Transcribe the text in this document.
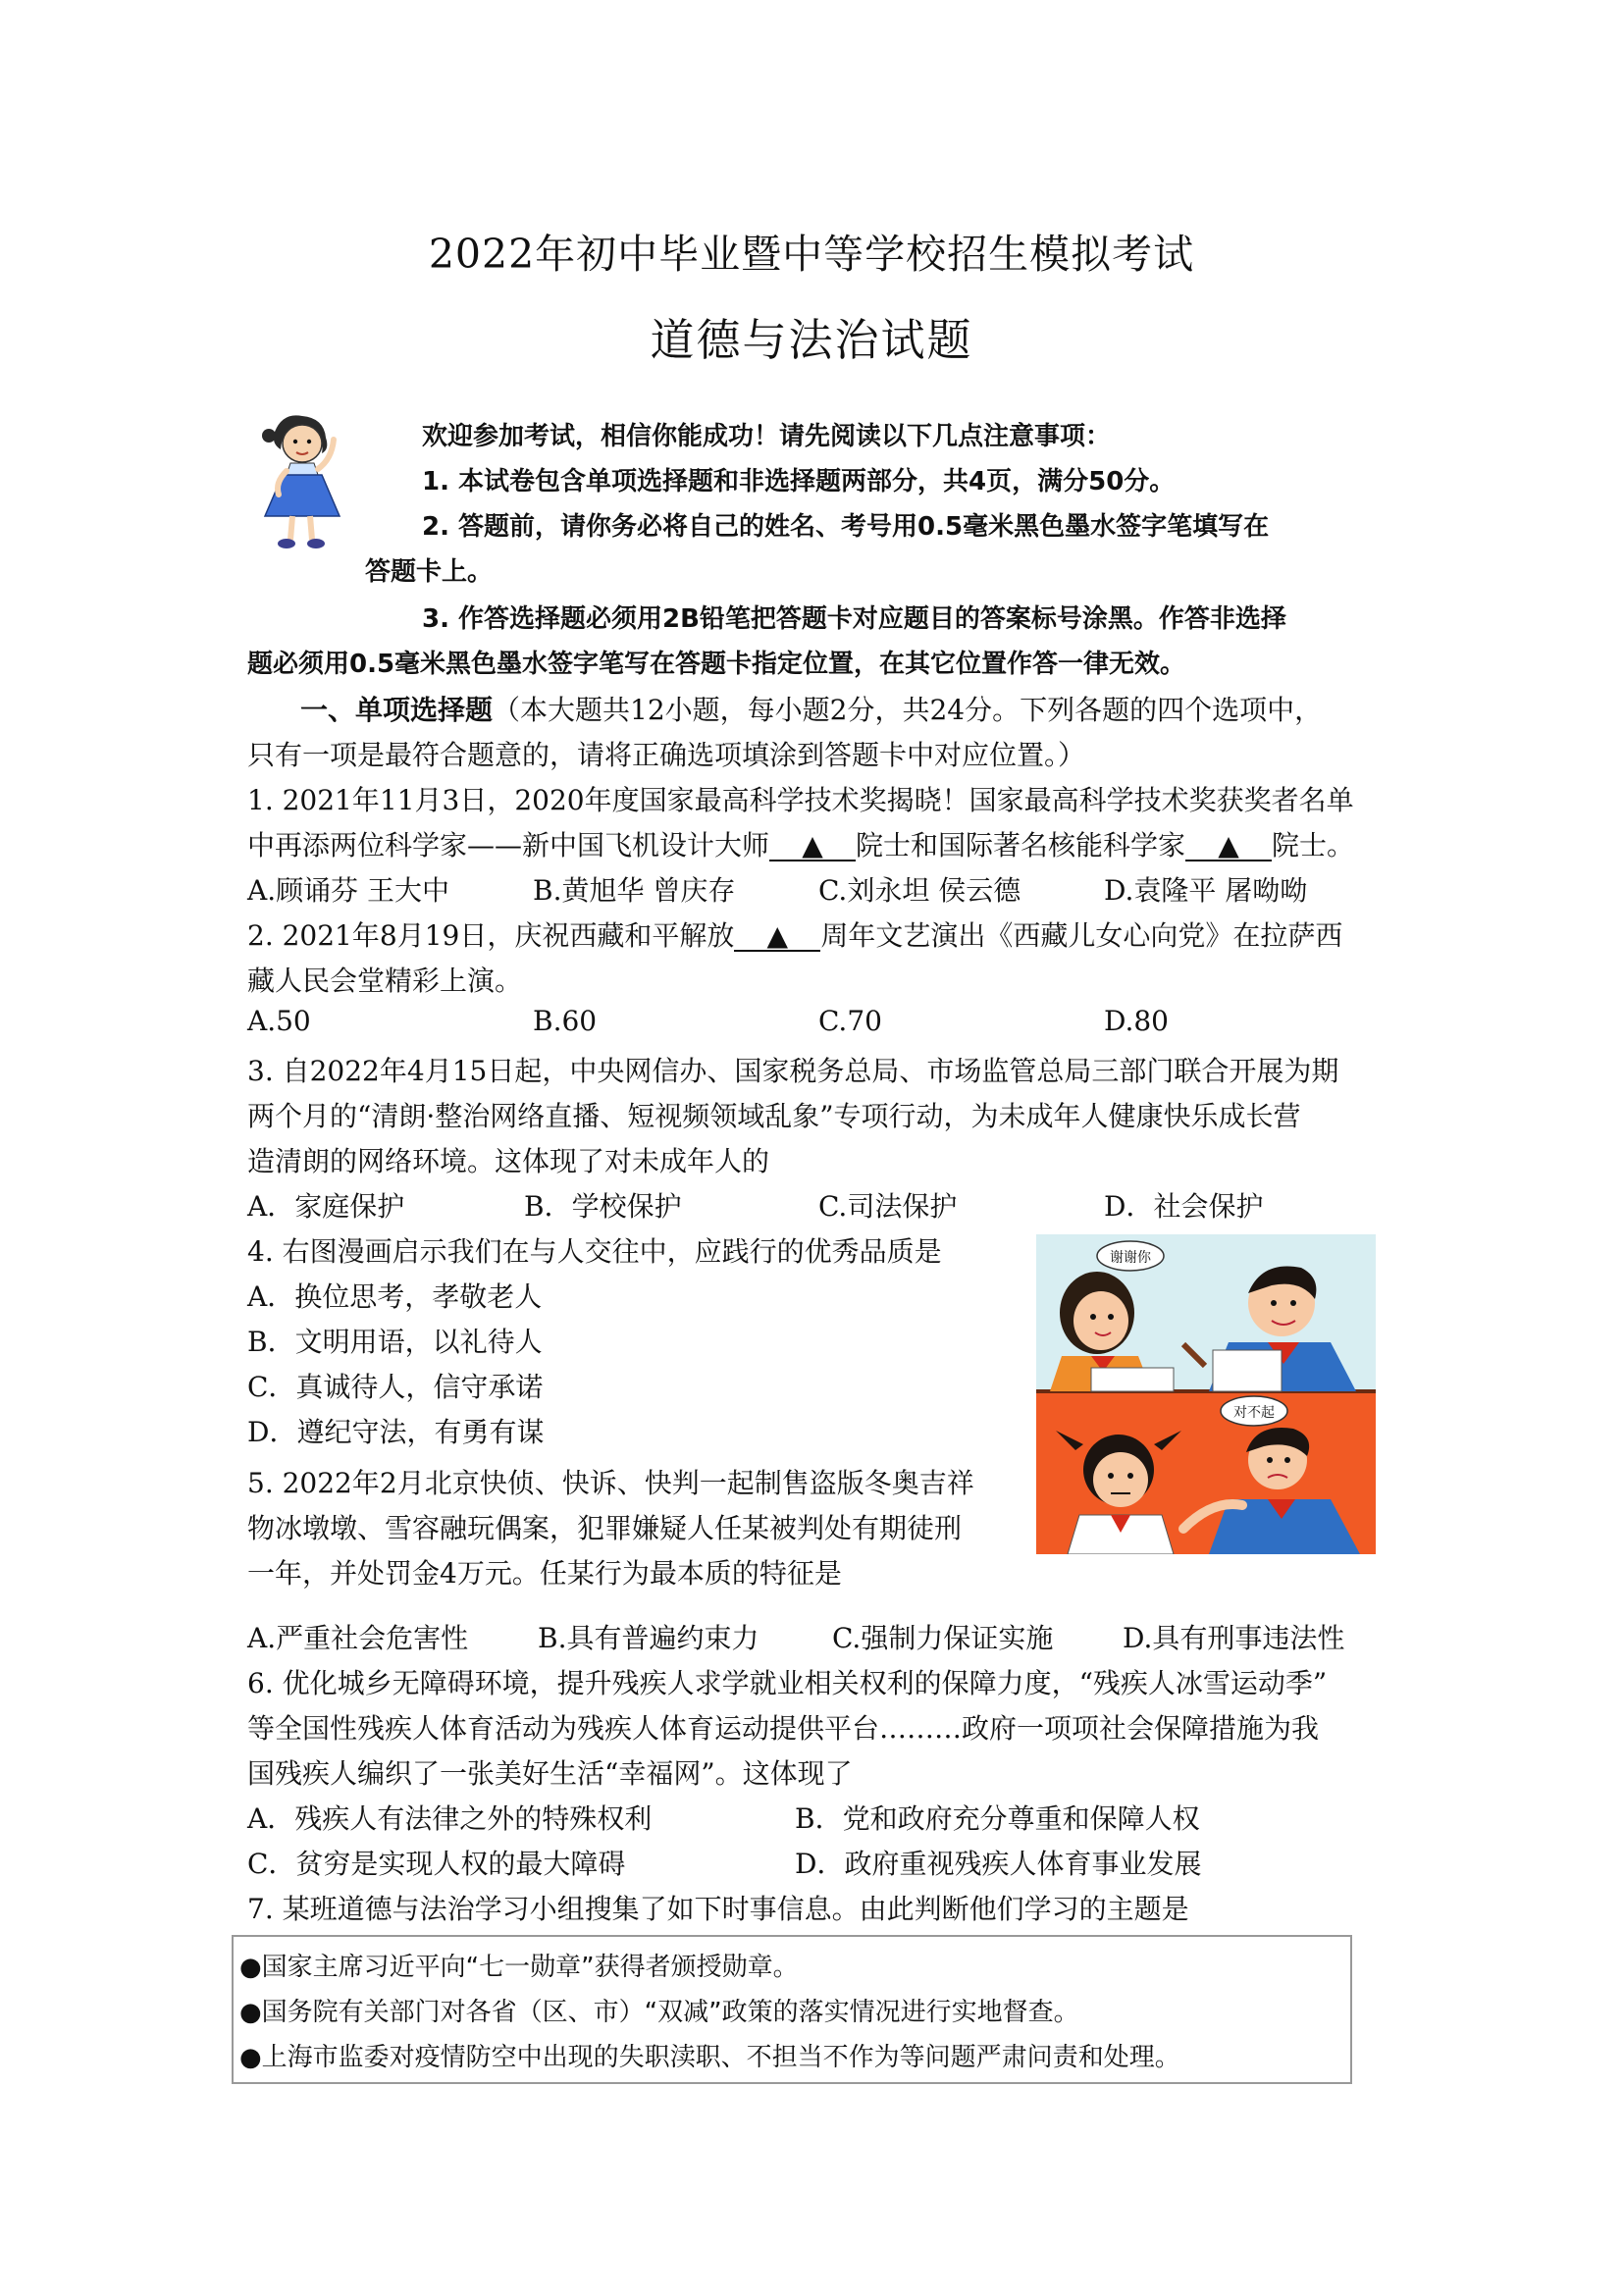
2022年初中毕业暨中等学校招生模拟考试
道德与法治试题
欢迎参加考试，相信你能成功！请先阅读以下几点注意事项：
1. 本试卷包含单项选择题和非选择题两部分，共4页，满分50分。
2. 答题前，请你务必将自己的姓名、考号用0.5毫米黑色墨水签字笔填写在
答题卡上。
3. 作答选择题必须用2B铅笔把答题卡对应题目的答案标号涂黑。作答非选择
题必须用0.5毫米黑色墨水签字笔写在答题卡指定位置，在其它位置作答一律无效。
一、单项选择题（本大题共12小题，每小题2分，共24分。下列各题的四个选项中，
只有一项是最符合题意的，请将正确选项填涂到答题卡中对应位置。）
1. 2021年11月3日，2020年度国家最高科学技术奖揭晓！国家最高科学技术奖获奖者名单
中再添两位科学家——新中国飞机设计大师 ▲ 院士和国际著名核能科学家 ▲ 院士。
A.顾诵芬 王大中	B.黄旭华 曾庆存	C.刘永坦 侯云德	D.袁隆平 屠呦呦
2. 2021年8月19日，庆祝西藏和平解放 ▲ 周年文艺演出《西藏儿女心向党》在拉萨西
藏人民会堂精彩上演。
A.50	B.60	C.70	D.80
3. 自2022年4月15日起，中央网信办、国家税务总局、市场监管总局三部门联合开展为期
两个月的“清朗·整治网络直播、短视频领域乱象”专项行动，为未成年人健康快乐成长营
造清朗的网络环境。这体现了对未成年人的
A．家庭保护	B．学校保护	C.司法保护	D．社会保护
4. 右图漫画启示我们在与人交往中，应践行的优秀品质是
A．换位思考，孝敬老人
B．文明用语，以礼待人
C．真诚待人，信守承诺
D．遵纪守法，有勇有谋
谢谢你
对不起
5. 2022年2月北京快侦、快诉、快判一起制售盗版冬奥吉祥
物冰墩墩、雪容融玩偶案，犯罪嫌疑人任某被判处有期徒刑
一年，并处罚金4万元。任某行为最本质的特征是
A.严重社会危害性	B.具有普遍约束力	C.强制力保证实施	D.具有刑事违法性
6. 优化城乡无障碍环境，提升残疾人求学就业相关权利的保障力度，“残疾人冰雪运动季”
等全国性残疾人体育活动为残疾人体育运动提供平台………政府一项项社会保障措施为我
国残疾人编织了一张美好生活“幸福网”。这体现了
A．残疾人有法律之外的特殊权利	B．党和政府充分尊重和保障人权
C．贫穷是实现人权的最大障碍	D．政府重视残疾人体育事业发展
7. 某班道德与法治学习小组搜集了如下时事信息。由此判断他们学习的主题是
●国家主席习近平向“七一勋章”获得者颁授勋章。
●国务院有关部门对各省（区、市）“双减”政策的落实情况进行实地督查。
●上海市监委对疫情防空中出现的失职渎职、不担当不作为等问题严肃问责和处理。
